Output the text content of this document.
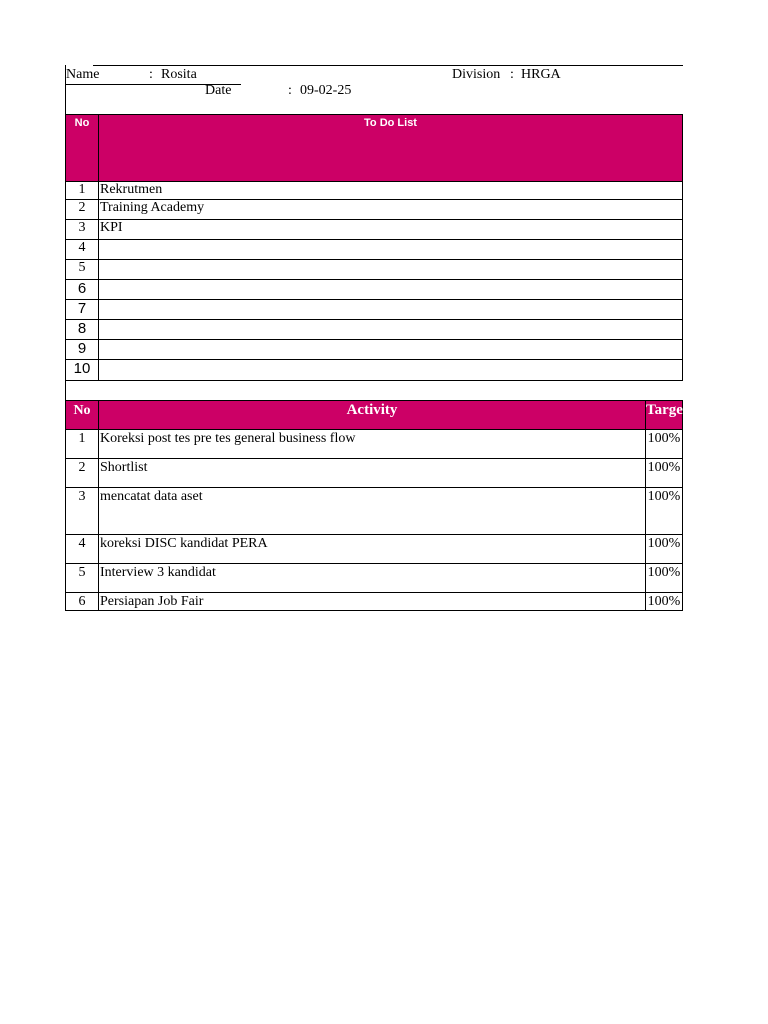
Name	: Rosita	Division : HRGA
Date	: 09-02-25
No	To Do List
1	Rekrutmen
2	Training Academy
3	KPI
4
5
6
7
8
9
10
No	Activity	Target
1	Koreksi post tes pre tes general business flow	100%
2	Shortlist	100%
3	mencatat data aset	100%
4	koreksi DISC kandidat PERA	100%
5	Interview 3 kandidat	100%
6	Persiapan Job Fair	100%
